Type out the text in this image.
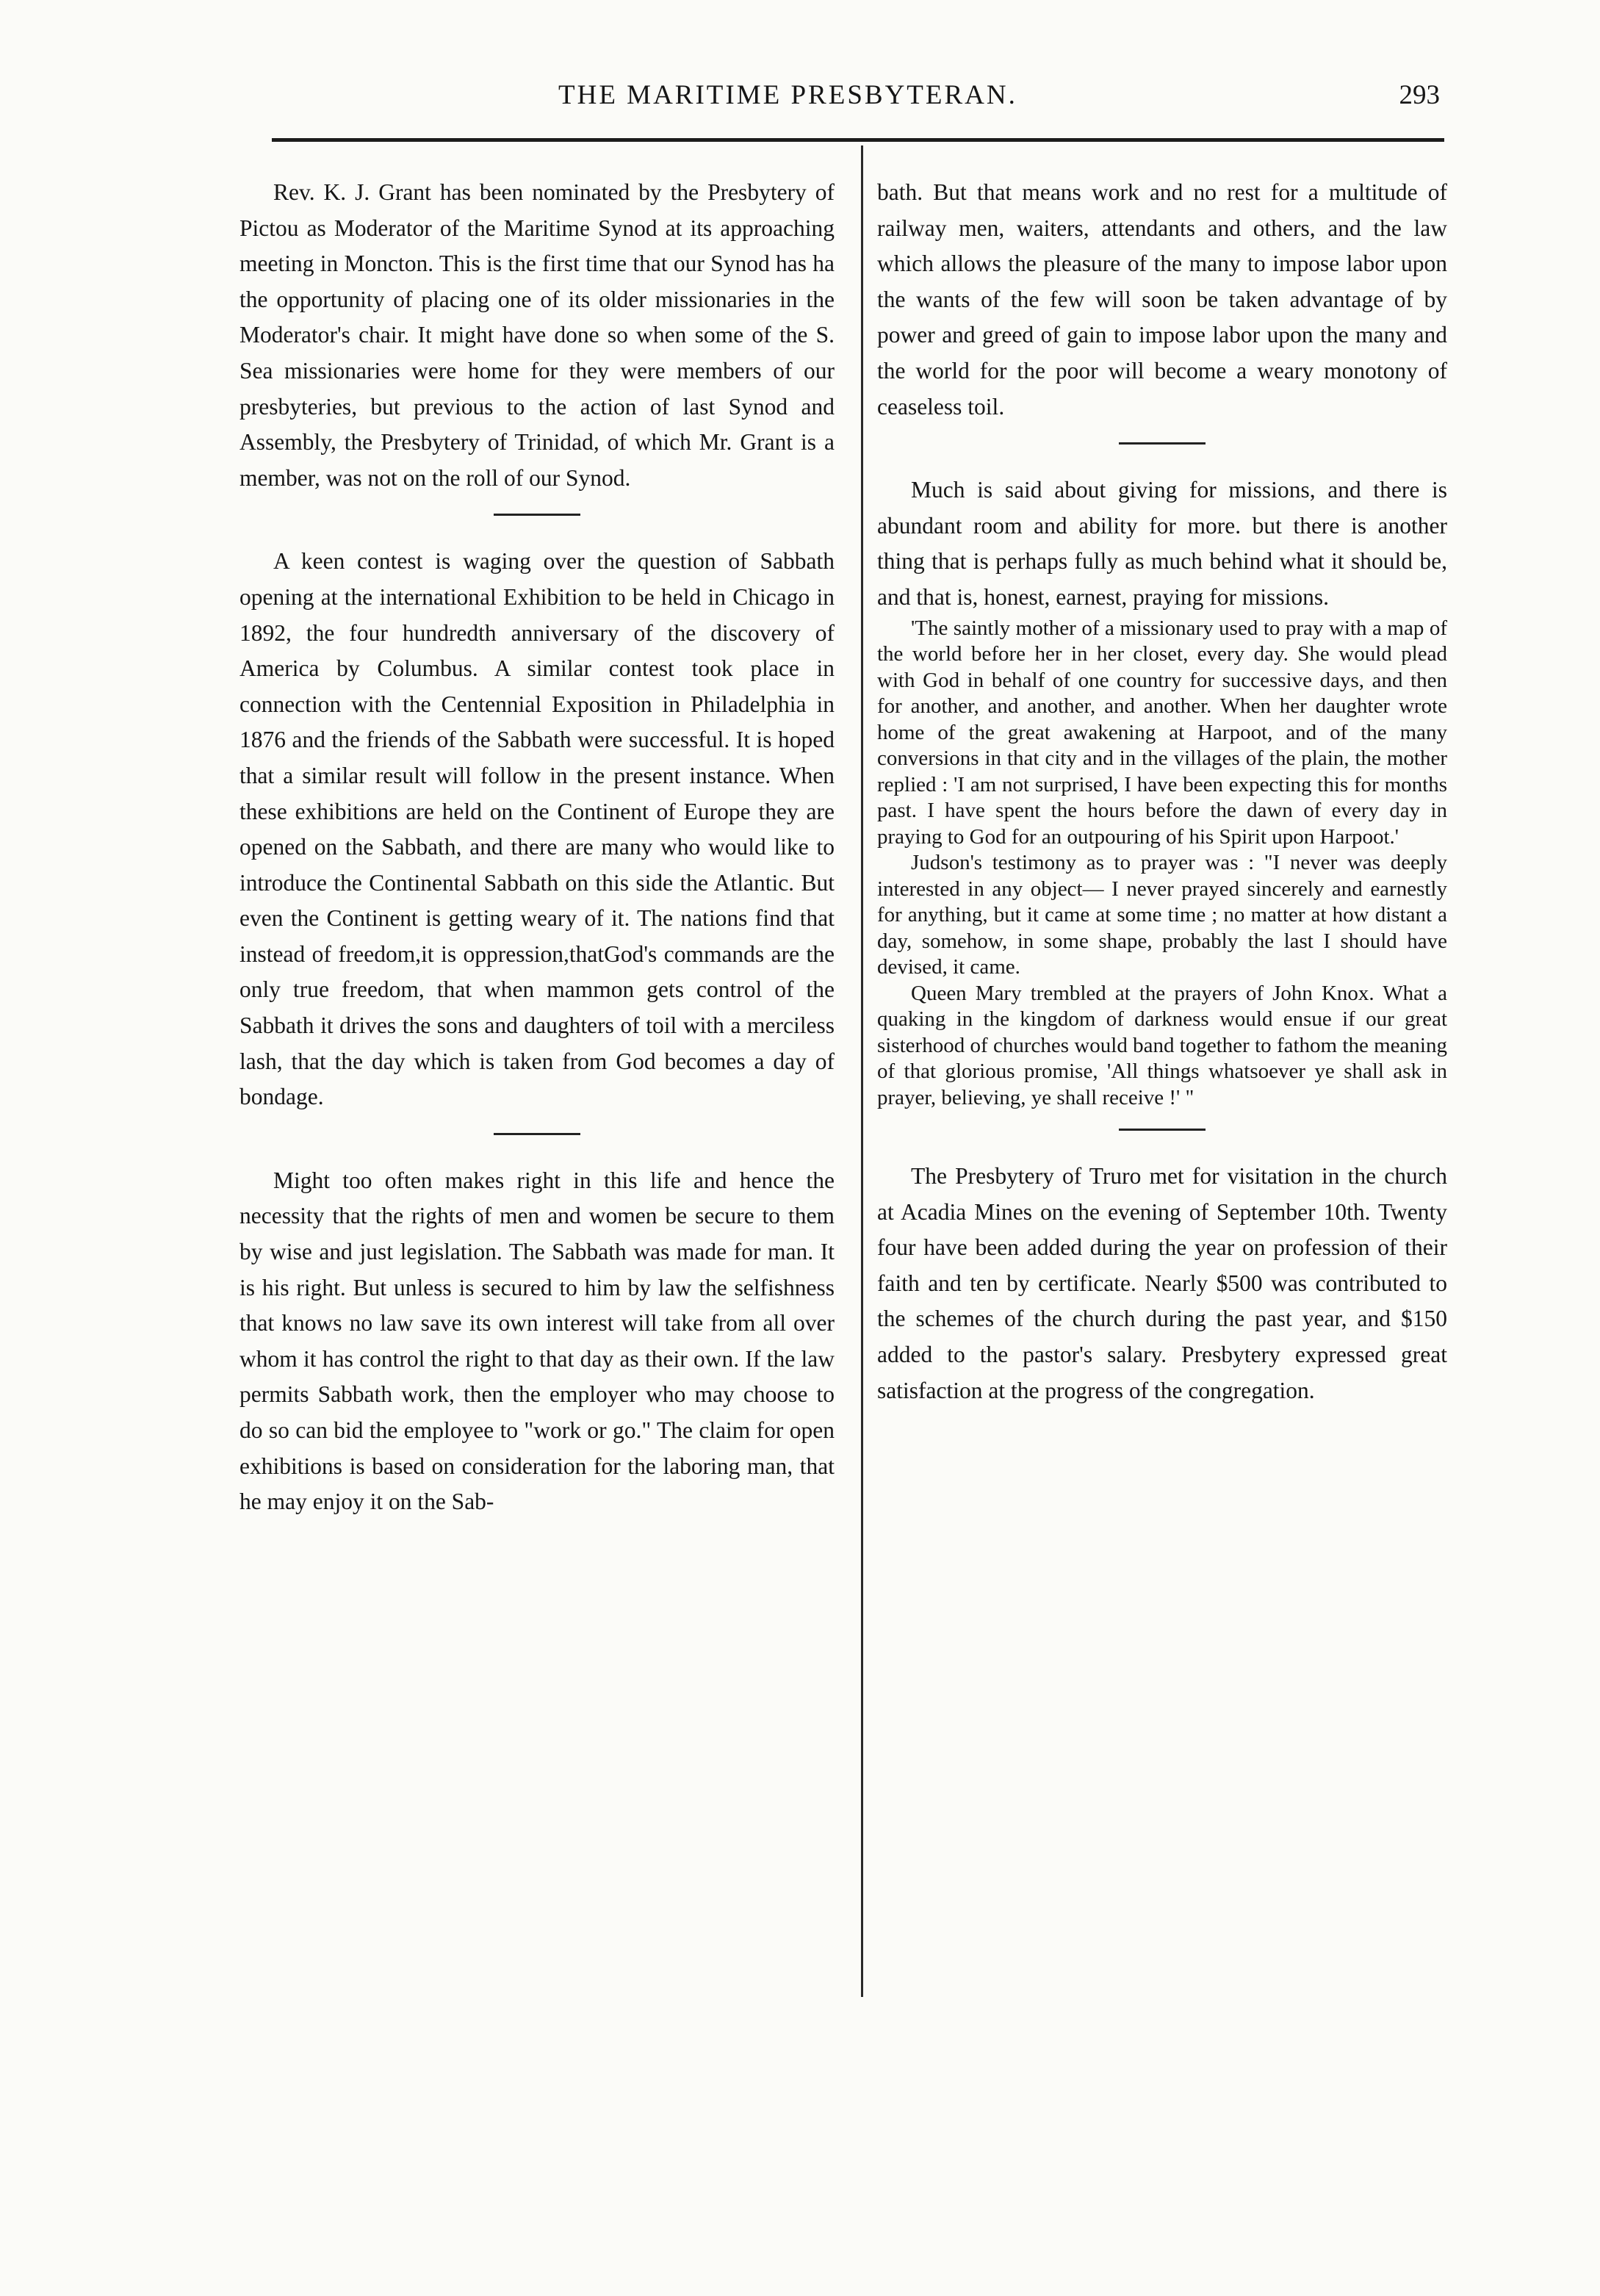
THE MARITIME PRESBYTERAN.	293

Rev. K. J. Grant has been nominated by the Presbytery of Pictou as Moderator of the Maritime Synod at its approaching meeting in Moncton. This is the first time that our Synod has ha the opportunity of placing one of its older missionaries in the Moderator's chair. It might have done so when some of the S. Sea missionaries were home for they were members of our presbyteries, but previous to the action of last Synod and Assembly, the Presbytery of Trinidad, of which Mr. Grant is a member, was not on the roll of our Synod.

A keen contest is waging over the question of Sabbath opening at the international Exhibition to be held in Chicago in 1892, the four hundredth anniversary of the discovery of America by Columbus. A similar contest took place in connection with the Centennial Exposition in Philadelphia in 1876 and the friends of the Sabbath were successful. It is hoped that a similar result will follow in the present instance. When these exhibitions are held on the Continent of Europe they are opened on the Sabbath, and there are many who would like to introduce the Continental Sabbath on this side the Atlantic. But even the Continent is getting weary of it. The nations find that instead of freedom,it is oppression,thatGod's commands are the only true freedom, that when mammon gets control of the Sabbath it drives the sons and daughters of toil with a merciless lash, that the day which is taken from God becomes a day of bondage.

Might too often makes right in this life and hence the necessity that the rights of men and women be secure to them by wise and just legislation. The Sabbath was made for man. It is his right. But unless is secured to him by law the selfishness that knows no law save its own interest will take from all over whom it has control the right to that day as their own. If the law permits Sabbath work, then the employer who may choose to do so can bid the employee to "work or go." The claim for open exhibitions is based on consideration for the laboring man, that he may enjoy it on the Sab-

bath. But that means work and no rest for a multitude of railway men, waiters, attendants and others, and the law which allows the pleasure of the many to impose labor upon the wants of the few will soon be taken advantage of by power and greed of gain to impose labor upon the many and the world for the poor will become a weary monotony of ceaseless toil.

Much is said about giving for missions, and there is abundant room and ability for more. but there is another thing that is perhaps fully as much behind what it should be, and that is, honest, earnest, praying for missions.

'The saintly mother of a missionary used to pray with a map of the world before her in her closet, every day. She would plead with God in behalf of one country for successive days, and then for another, and another, and another. When her daughter wrote home of the great awakening at Harpoot, and of the many conversions in that city and in the villages of the plain, the mother replied : 'I am not surprised, I have been expecting this for months past. I have spent the hours before the dawn of every day in praying to God for an outpouring of his Spirit upon Harpoot.'

Judson's testimony as to prayer was : "I never was deeply interested in any object— I never prayed sincerely and earnestly for anything, but it came at some time ; no matter at how distant a day, somehow, in some shape, probably the last I should have devised, it came.

Queen Mary trembled at the prayers of John Knox. What a quaking in the kingdom of darkness would ensue if our great sisterhood of churches would band together to fathom the meaning of that glorious promise, 'All things whatsoever ye shall ask in prayer, believing, ye shall receive !' "

The Presbytery of Truro met for visitation in the church at Acadia Mines on the evening of September 10th. Twenty four have been added during the year on profession of their faith and ten by certificate. Nearly $500 was contributed to the schemes of the church during the past year, and $150 added to the pastor's salary. Presbytery expressed great satisfaction at the progress of the congregation.
